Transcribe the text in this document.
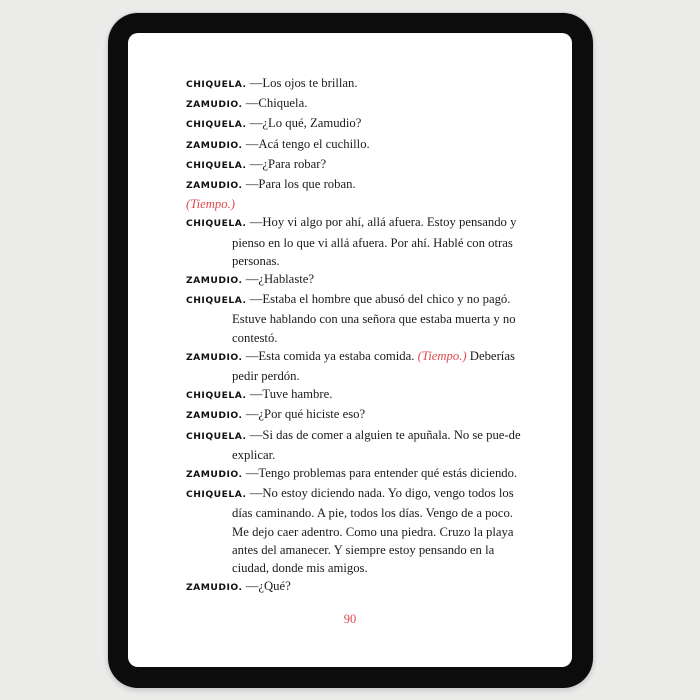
CHIQUELA. —Los ojos te brillan.
ZAMUDIO. —Chiquela.
CHIQUELA. —¿Lo qué, Zamudio?
ZAMUDIO. —Acá tengo el cuchillo.
CHIQUELA. —¿Para robar?
ZAMUDIO. —Para los que roban.
(Tiempo.)
CHIQUELA. —Hoy vi algo por ahí, allá afuera. Estoy pensando y pienso en lo que vi allá afuera. Por ahí. Hablé con otras personas.
ZAMUDIO. —¿Hablaste?
CHIQUELA. —Estaba el hombre que abusó del chico y no pagó. Estuve hablando con una señora que estaba muerta y no contestó.
ZAMUDIO. —Esta comida ya estaba comida. (Tiempo.) Deberías pedir perdón.
CHIQUELA. —Tuve hambre.
ZAMUDIO. —¿Por qué hiciste eso?
CHIQUELA. —Si das de comer a alguien te apuñala. No se pue-de explicar.
ZAMUDIO. —Tengo problemas para entender qué estás diciendo.
CHIQUELA. —No estoy diciendo nada. Yo digo, vengo todos los días caminando. A pie, todos los días. Vengo de a poco. Me dejo caer adentro. Como una piedra. Cruzo la playa antes del amanecer. Y siempre estoy pensando en la ciudad, donde mis amigos.
ZAMUDIO. —¿Qué?
90
